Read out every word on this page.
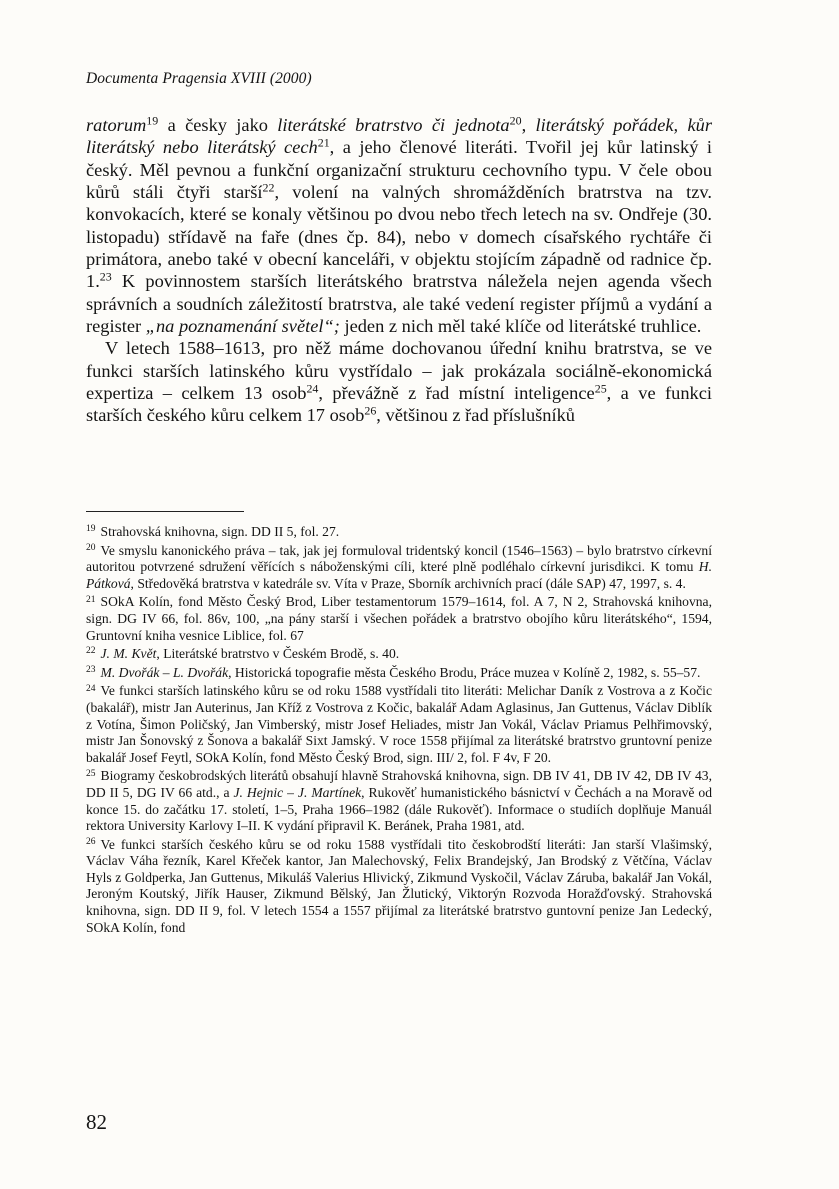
Documenta Pragensia XVIII (2000)

ratorum$^{19}$ a česky jako literátské bratrstvo či jednota$^{20}$, literátský pořádek, kůr literátský nebo literátský cech$^{21}$, a jeho členové literáti. Tvořil jej kůr latinský i český. Měl pevnou a funkční organizační strukturu cechovního typu. V čele obou kůrů stáli čtyři starší$^{22}$, volení na valných shromážděních bratrstva na tzv. konvokacích, které se konaly většinou po dvou nebo třech letech na sv. Ondřeje (30. listopadu) střídavě na faře (dnes čp. 84), nebo v domech císařského rychtáře či primátora, anebo také v obecní kanceláři, v objektu stojícím západně od radnice čp. 1.23 K povinnostem starších literátského bratrstva náležela nejen agenda všech správních a soudních záležitostí bratrstva, ale také vedení register příjmů a vydání a register „na poznamenání světel“; jeden z nich měl také klíče od literátské truhlice.

V letech 1588–1613, pro něž máme dochovanou úřední knihu bratrstva, se ve funkci starších latinského kůru vystřídalo – jak prokázala sociálně-ekonomická expertiza – celkem 13 osob$^{24}$, převážně z řad místní inteligence$^{25}$, a ve funkci starších českého kůru celkem 17 osob$^{26}$, většinou z řad příslušníků

$^{19}$ Strahovská knihovna, sign. DD II 5, fol. 27.

$^{20}$ Ve smyslu kanonického práva – tak, jak jej formuloval tridentský koncil (1546–1563) – bylo bratrstvo církevní autoritou potvrzené sdružení věřících s náboženskými cíli, které plně podléhalo církevní jurisdikci. K tomu H. Pátková, Středověká bratrstva v katedrále sv. Víta v Praze, Sborník archivních prací (dále SAP) 47, 1997, s. 4.

$^{21}$ SOkA Kolín, fond Město Český Brod, Liber testamentorum 1579–1614, fol. A 7, N 2, Strahovská knihovna, sign. DG IV 66, fol. 86v, 100, „na pány starší i všechen pořádek a bratrstvo obojího kůru literátského“, 1594, Gruntovní kniha vesnice Liblice, fol. 67

$^{22}$ J. M. Květ, Literátské bratrstvo v Českém Brodě, s. 40.

$^{23}$ M. Dvořák – L. Dvořák, Historická topografie města Českého Brodu, Práce muzea v Kolíně 2, 1982, s. 55–57.

$^{24}$ Ve funkci starších latinského kůru se od roku 1588 vystřídali tito literáti: Melichar Daník z Vostrova a z Kočic (bakalář), mistr Jan Auterinus, Jan Kříž z Vostrova z Kočic, bakalář Adam Aglasinus, Jan Guttenus, Václav Diblík z Votína, Šimon Poličský, Jan Vimberský, mistr Josef Heliades, mistr Jan Vokál, Václav Priamus Pelhřimovský, mistr Jan Šonovský z Šonova a bakalář Sixt Jamský. V roce 1558 přijímal za literátské bratrstvo gruntovní penize bakalář Josef Feytl, SOkA Kolín, fond Město Český Brod, sign. III/ 2, fol. F 4v, F 20.

$^{25}$ Biogramy českobrodských literátů obsahují hlavně Strahovská knihovna, sign. DB IV 41, DB IV 42, DB IV 43, DD II 5, DG IV 66 atd., a J. Hejnic – J. Martínek, Rukověť humanistického básnictví v Čechách a na Moravě od konce 15. do začátku 17. století, 1–5, Praha 1966–1982 (dále Rukověť). Informace o studiích doplňuje Manuál rektora University Karlovy I–II. K vydání připravil K. Beránek, Praha 1981, atd.

$^{26}$ Ve funkci starších českého kůru se od roku 1588 vystřídali tito českobrodští literáti: Jan starší Vlašimský, Václav Váha řezník, Karel Křeček kantor, Jan Malechovský, Felix Brandejský, Jan Brodský z Větčína, Václav Hyls z Goldperka, Jan Guttenus, Mikuláš Valerius Hlivický, Zikmund Vyskočil, Václav Záruba, bakalář Jan Vokál, Jeroným Koutský, Jiřík Hauser, Zikmund Bělský, Jan Žlutický, Viktorýn Rozvoda Horažďovský. Strahovská knihovna, sign. DD II 9, fol. V letech 1554 a 1557 přijímal za literátské bratrstvo guntovní penize Jan Ledecký, SOkA Kolín, fond

82
